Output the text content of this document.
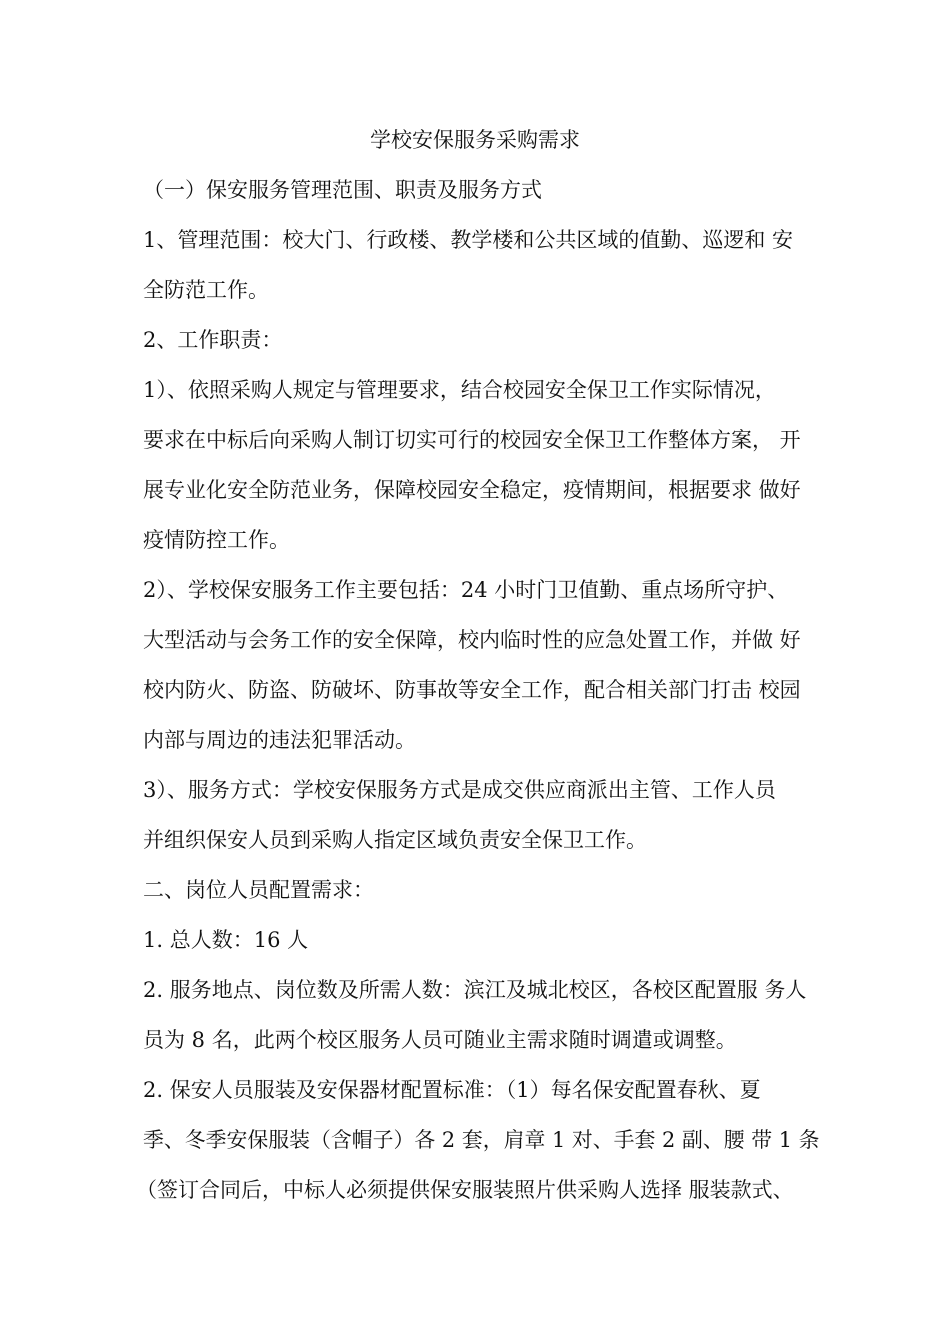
学校安保服务采购需求
（一）保安服务管理范围、职责及服务方式
1、管理范围：校大门、行政楼、教学楼和公共区域的值勤、巡逻和 安
全防范工作。
2、工作职责：
1）、依照采购人规定与管理要求，结合校园安全保卫工作实际情况，
要求在中标后向采购人制订切实可行的校园安全保卫工作整体方案， 开
展专业化安全防范业务，保障校园安全稳定，疫情期间，根据要求 做好
疫情防控工作。
2）、学校保安服务工作主要包括：24 小时门卫值勤、重点场所守护、
大型活动与会务工作的安全保障，校内临时性的应急处置工作，并做 好
校内防火、防盗、防破坏、防事故等安全工作，配合相关部门打击 校园
内部与周边的违法犯罪活动。
3）、服务方式：学校安保服务方式是成交供应商派出主管、工作人员
并组织保安人员到采购人指定区域负责安全保卫工作。
二、岗位人员配置需求：
1. 总人数：16 人
2. 服务地点、岗位数及所需人数：滨江及城北校区，各校区配置服 务人
员为 8 名，此两个校区服务人员可随业主需求随时调遣或调整。
2. 保安人员服装及安保器材配置标准：（1）每名保安配置春秋、夏
季、冬季安保服装（含帽子）各 2 套，肩章 1 对、手套 2 副、腰 带 1 条
（签订合同后，中标人必须提供保安服装照片供采购人选择 服装款式、
